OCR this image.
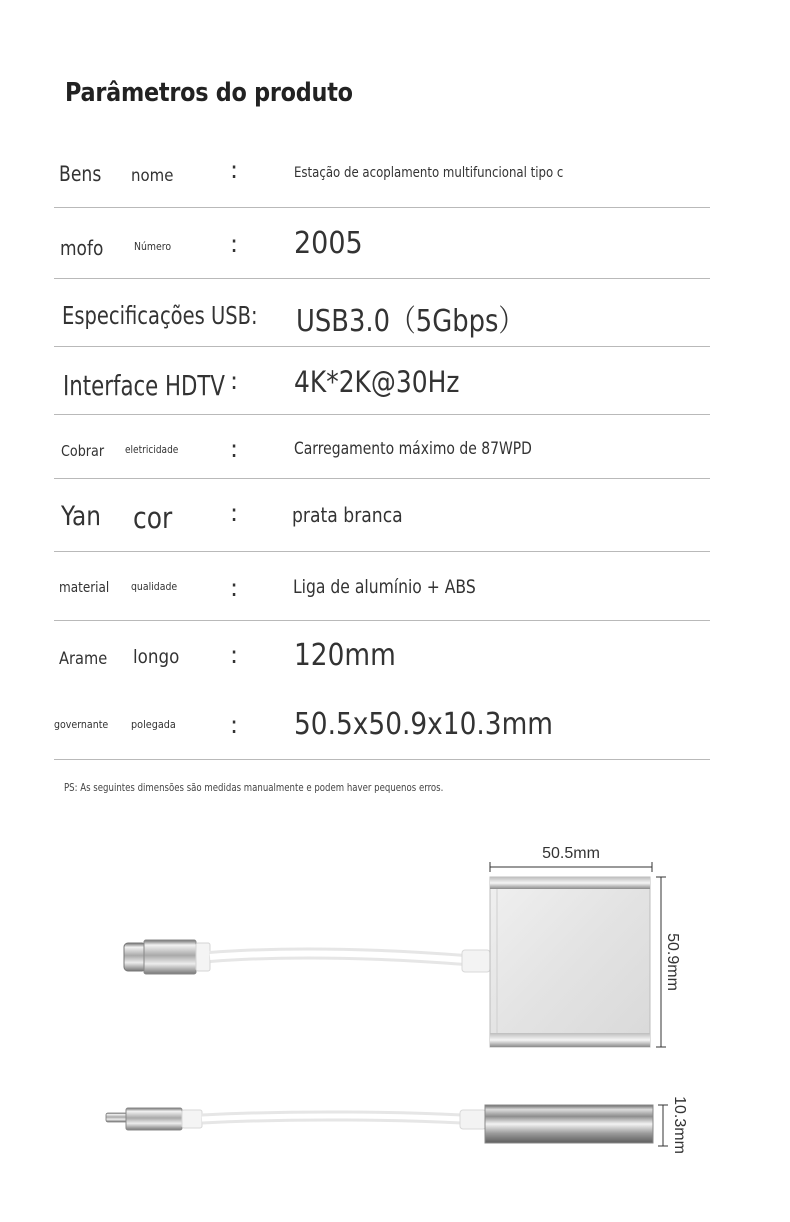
Parâmetros do produto
Bens nome :	Estação de acoplamento multifuncional tipo c
mofo	Número : 2005
Especificações USB: USB3.0（5Gbps）
Interface HDTV : 4K*2K@30Hz
Cobrar eletricidade :	Carregamento máximo de 87WPD
Yan cor :	prata branca
material qualidade :	Liga de alumínio + ABS
Arame longo : 120mm
governante polegada : 50.5x50.9x10.3mm
PS: As seguintes dimensões são medidas manualmente e podem haver pequenos erros.
50.5mm
50.9mm
10.3mm
